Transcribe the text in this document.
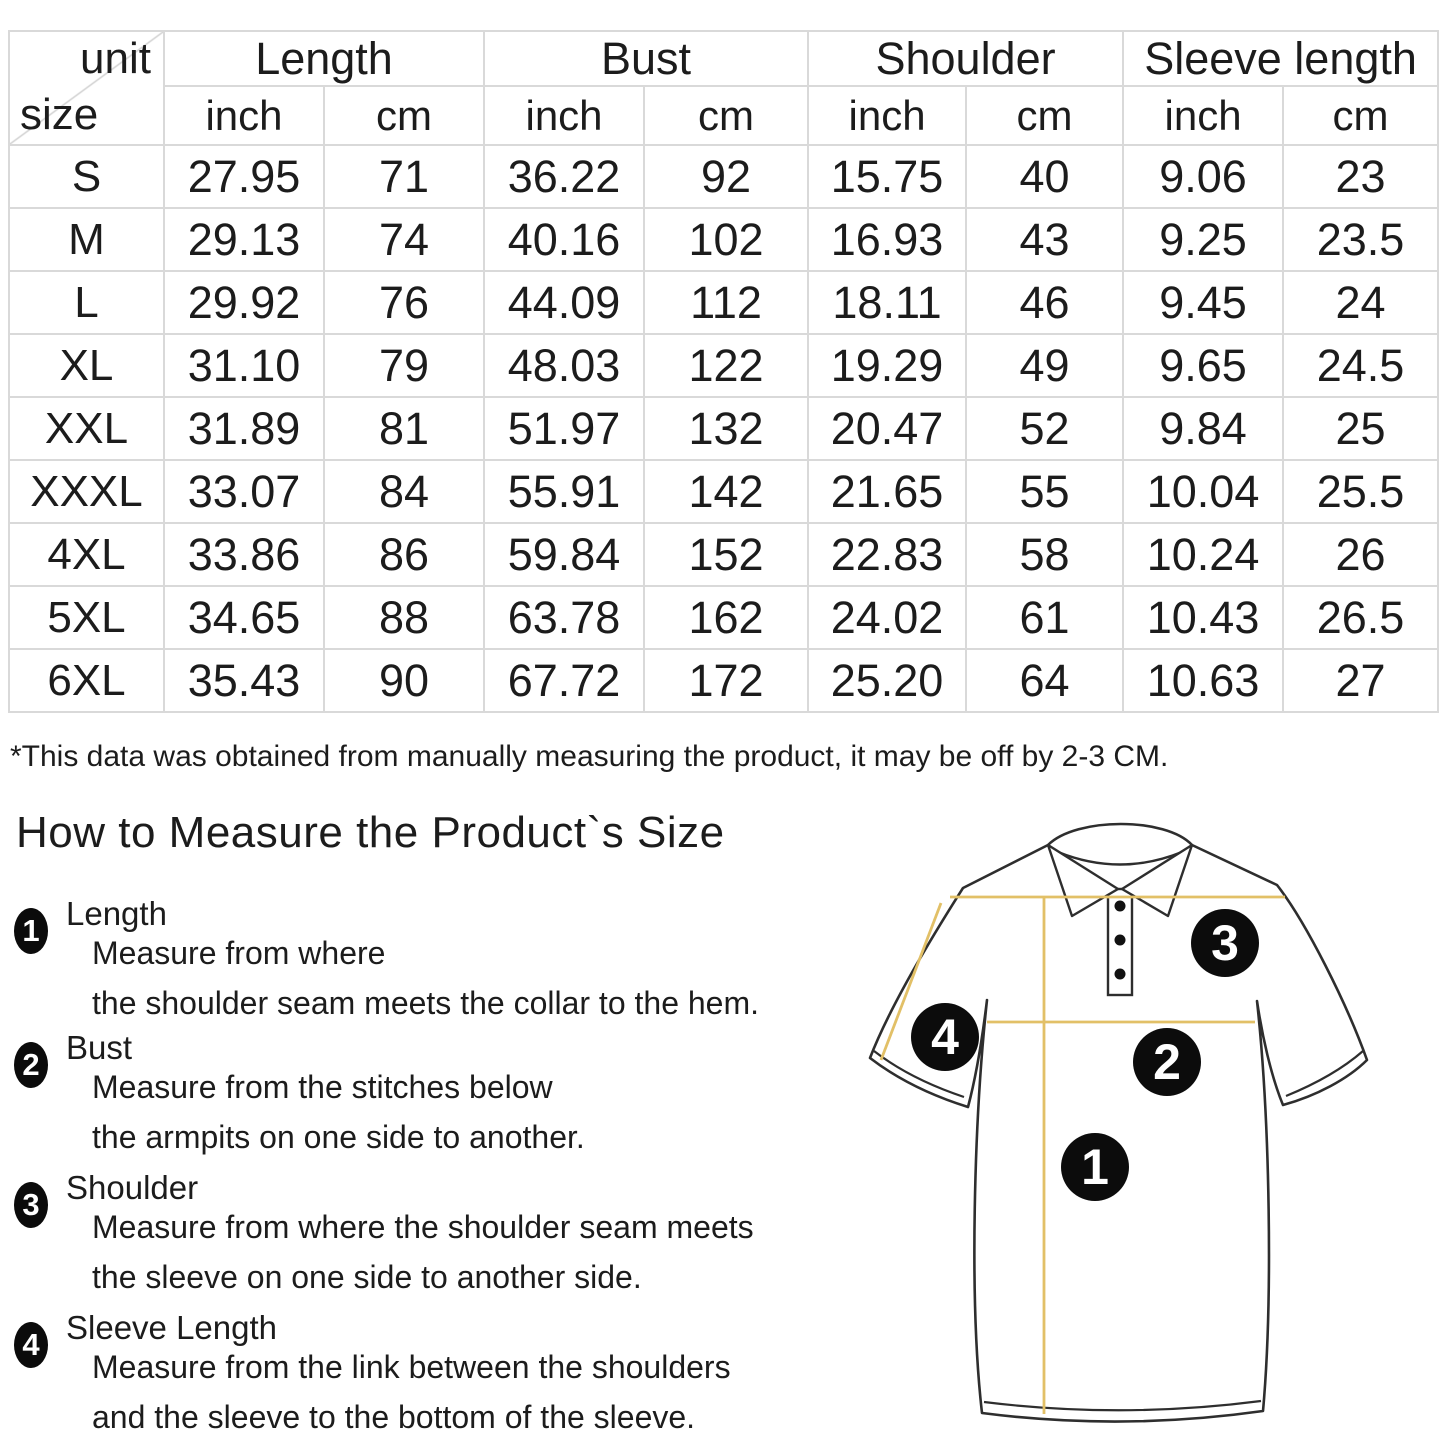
unit
size	Length		Bust		Shoulder		Sleeve length	
	inch	cm	inch	cm	inch	cm	inch	cm
S	27.95	71	36.22	92	15.75	40	9.06	23
M	29.13	74	40.16	102	16.93	43	9.25	23.5
L	29.92	76	44.09	112	18.11	46	9.45	24
XL	31.10	79	48.03	122	19.29	49	9.65	24.5
XXL	31.89	81	51.97	132	20.47	52	9.84	25
XXXL	33.07	84	55.91	142	21.65	55	10.04	25.5
4XL	33.86	86	59.84	152	22.83	58	10.24	26
5XL	34.65	88	63.78	162	24.02	61	10.43	26.5
6XL	35.43	90	67.72	172	25.20	64	10.63	27

*This data was obtained from manually measuring the product, it may be off by 2-3 CM.

How to Measure the Product`s Size
1 Length

Measure from where

the shoulder seam meets the collar to the hem.

2 Bust

Measure from the stitches below

the armpits on one side to another.

3 Shoulder

Measure from where the shoulder seam meets

the sleeve on one side to another side.

4 Sleeve Length

Measure from the link between the shoulders

and the sleeve to the bottom of the sleeve.

3
4	2
1
